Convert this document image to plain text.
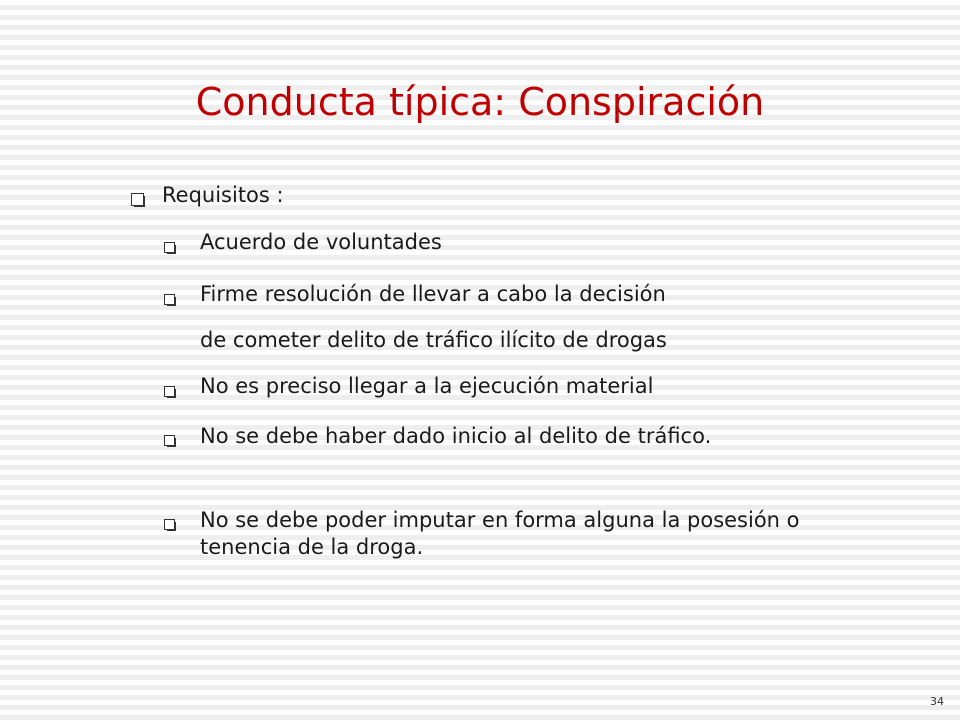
Conducta típica: Conspiración
Requisitos :
Acuerdo de voluntades
Firme resolución de llevar a cabo la decisión
de cometer delito de tráfico ilícito de drogas
No es preciso llegar a la ejecución material
No se debe haber dado inicio al delito de tráfico.
No se debe poder imputar en forma alguna la posesión o tenencia de la droga.
34
